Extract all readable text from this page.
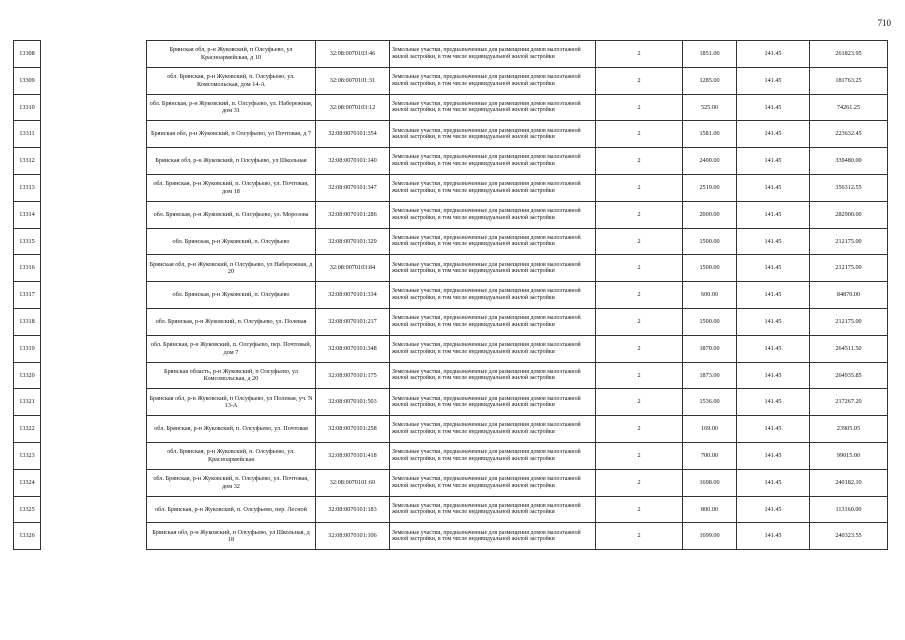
710
13308		Брянская обл, р-н Жуковский, п Олсуфьево, ул Красноармейская, д 10	32:08:0070103:46	Земельные участки, предназначенные для размещения домов малоэтажной жилой застройки, в том числе индивидуальной жилой застройки	2	1851.00	141.45	261823.95
13309		обл. Брянская, р-н Жуковский, п. Олсуфьево, ул. Комсомольская, дом 14-А	32:08:0070101:31	Земельные участки, предназначенные для размещения домов малоэтажной жилой застройки, в том числе индивидуальной жилой застройки	2	1285.00	141.45	181763.25
13310		обл. Брянская, р-н Жуковский, п. Олсуфьево, ул. Набережная, дом 31	32:08:0070103:12	Земельные участки, предназначенные для размещения домов малоэтажной жилой застройки, в том числе индивидуальной жилой застройки	2	525.00	141.45	74261.25
13311		Брянская обл, р-н Жуковский, п Олсуфьево, ул Почтовая, д 7	32:08:0070101:354	Земельные участки, предназначенные для размещения домов малоэтажной жилой застройки, в том числе индивидуальной жилой застройки	2	1581.00	141.45	223632.45
13312		Брянская обл, р-н Жуковский, п Олсуфьево, ул Школьная	32:08:0070101:140	Земельные участки, предназначенные для размещения домов малоэтажной жилой застройки, в том числе индивидуальной жилой застройки	2	2400.00	141.45	339480.00
13313		обл. Брянская, р-н Жуковский, п. Олсуфьево, ул. Почтовая, дом 18	32:08:0070101:347	Земельные участки, предназначенные для размещения домов малоэтажной жилой застройки, в том числе индивидуальной жилой застройки	2	2519.00	141.45	356312.55
13314		обл. Брянская, р-н Жуковский, п. Олсуфьево, ул. Морозова	32:08:0070101:286	Земельные участки, предназначенные для размещения домов малоэтажной жилой застройки, в том числе индивидуальной жилой застройки	2	2000.00	141.45	282900.00
13315		обл. Брянская, р-н Жуковский, п. Олсуфьево	32:08:0070101:329	Земельные участки, предназначенные для размещения домов малоэтажной жилой застройки, в том числе индивидуальной жилой застройки	2	1500.00	141.45	212175.00
13316		Брянская обл, р-н Жуковский, п Олсуфьево, ул Набережная, д 20	32:08:0070103:84	Земельные участки, предназначенные для размещения домов малоэтажной жилой застройки, в том числе индивидуальной жилой застройки	2	1500.00	141.45	212175.00
13317		обл. Брянская, р-н Жуковский, п. Олсуфьево	32:08:0070101:334	Земельные участки, предназначенные для размещения домов малоэтажной жилой застройки, в том числе индивидуальной жилой застройки	2	600.00	141.45	84870.00
13318		обл. Брянская, р-н Жуковский, п. Олсуфьево, ул. Полевая	32:08:0070101:217	Земельные участки, предназначенные для размещения домов малоэтажной жилой застройки, в том числе индивидуальной жилой застройки	2	1500.00	141.45	212175.00
13319		обл. Брянская, р-н Жуковский, п. Олсуфьево, пер. Почтовый, дом 7	32:08:0070101:348	Земельные участки, предназначенные для размещения домов малоэтажной жилой застройки, в том числе индивидуальной жилой застройки	2	1870.00	141.45	264511.50
13320		Брянская область, р-н Жуковский, п Олсуфьево, ул Комсомольская, д 20	32:08:0070101:175	Земельные участки, предназначенные для размещения домов малоэтажной жилой застройки, в том числе индивидуальной жилой застройки	2	1873.00	141.45	264935.85
13321		Брянская обл, р-н Жуковский, п Олсуфьево, ул Полевая, уч. N 13-А	32:08:0070101:503	Земельные участки, предназначенные для размещения домов малоэтажной жилой застройки, в том числе индивидуальной жилой застройки	2	1536.00	141.45	217267.20
13322		обл. Брянская, р-н Жуковский, п. Олсуфьево, ул. Почтовая	32:08:0070101:258	Земельные участки, предназначенные для размещения домов малоэтажной жилой застройки, в том числе индивидуальной жилой застройки	2	169.00	141.45	23905.05
13323		обл. Брянская, р-н Жуковский, п. Олсуфьево, ул. Красноармейская	32:08:0070101:418	Земельные участки, предназначенные для размещения домов малоэтажной жилой застройки, в том числе индивидуальной жилой застройки	2	700.00	141.45	99015.00
13324		обл. Брянская, р-н Жуковский, п. Олсуфьево, ул. Почтовая, дом 32	32:08:0070101:60	Земельные участки, предназначенные для размещения домов малоэтажной жилой застройки, в том числе индивидуальной жилой застройки	2	1698.00	141.45	240182.10
13325		обл. Брянская, р-н Жуковский, п. Олсуфьево, пер. Лесной	32:08:0070101:183	Земельные участки, предназначенные для размещения домов малоэтажной жилой застройки, в том числе индивидуальной жилой застройки	2	800.00	141.45	113160.00
13326		Брянская обл, р-н Жуковский, п Олсуфьево, ул Школьная, д 18	32:08:0070101:106	Земельные участки, предназначенные для размещения домов малоэтажной жилой застройки, в том числе индивидуальной жилой застройки	2	1699.00	141.45	240323.55
